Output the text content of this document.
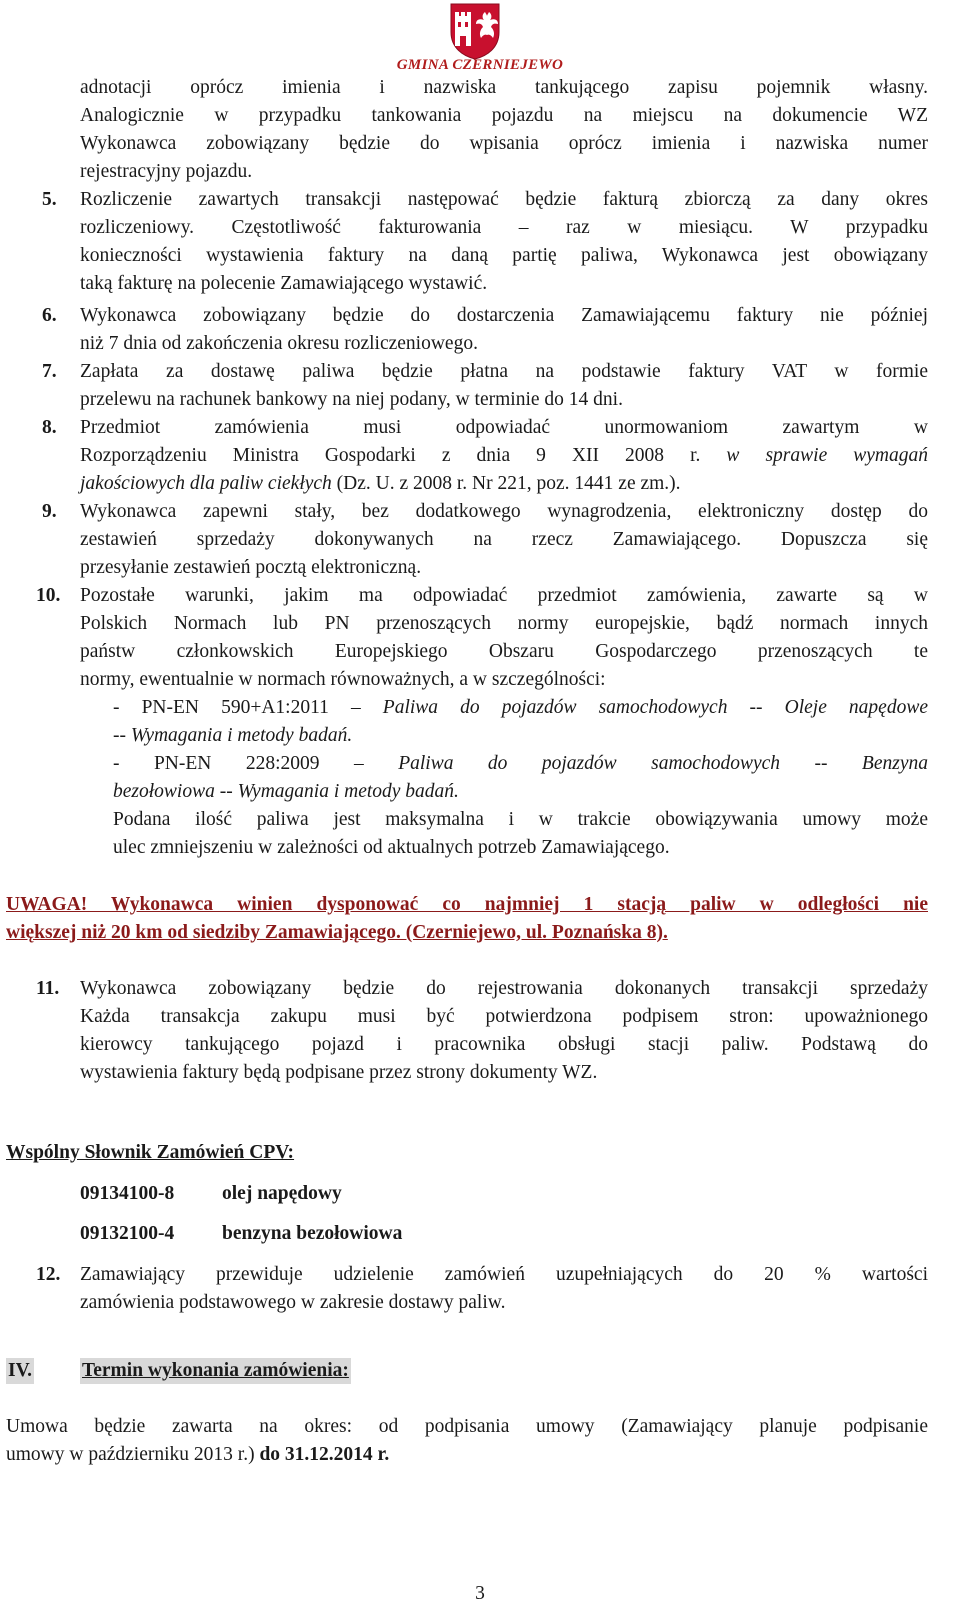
GMINA CZERNIEJEWO
adnotacji oprócz imienia i nazwiska tankującego zapisu pojemnik własny.
Analogicznie w przypadku tankowania pojazdu na miejscu na dokumencie WZ
Wykonawca zobowiązany będzie do wpisania oprócz imienia i nazwiska numer
rejestracyjny pojazdu.
5. Rozliczenie zawartych transakcji następować będzie fakturą zbiorczą za dany okres
rozliczeniowy. Częstotliwość fakturowania – raz w miesiącu. W przypadku
konieczności wystawienia faktury na daną partię paliwa, Wykonawca jest obowiązany
taką fakturę na polecenie Zamawiającego wystawić.
6. Wykonawca zobowiązany będzie do dostarczenia Zamawiającemu faktury nie później
niż 7 dnia od zakończenia okresu rozliczeniowego.
7. Zapłata za dostawę paliwa będzie płatna na podstawie faktury VAT w formie
przelewu na rachunek bankowy na niej podany, w terminie do 14 dni.
8. Przedmiot zamówienia musi odpowiadać unormowaniom zawartym w
Rozporządzeniu Ministra Gospodarki z dnia 9 XII 2008 r. w sprawie wymagań
jakościowych dla paliw ciekłych (Dz. U. z 2008 r. Nr 221, poz. 1441 ze zm.).
9. Wykonawca zapewni stały, bez dodatkowego wynagrodzenia, elektroniczny dostęp do
zestawień sprzedaży dokonywanych na rzecz Zamawiającego. Dopuszcza się
przesyłanie zestawień pocztą elektroniczną.
10. Pozostałe warunki, jakim ma odpowiadać przedmiot zamówienia, zawarte są w
Polskich Normach lub PN przenoszących normy europejskie, bądź normach innych
państw członkowskich Europejskiego Obszaru Gospodarczego przenoszących te
normy, ewentualnie w normach równoważnych, a w szczególności:
- PN-EN 590+A1:2011 – Paliwa do pojazdów samochodowych -- Oleje napędowe
-- Wymagania i metody badań.
- PN-EN 228:2009 – Paliwa do pojazdów samochodowych -- Benzyna
bezołowiowa -- Wymagania i metody badań.
Podana ilość paliwa jest maksymalna i w trakcie obowiązywania umowy może
ulec zmniejszeniu w zależności od aktualnych potrzeb Zamawiającego.
UWAGA! Wykonawca winien dysponować co najmniej 1 stacją paliw w odległości nie
większej niż 20 km od siedziby Zamawiającego. (Czerniejewo, ul. Poznańska 8).
11. Wykonawca zobowiązany będzie do rejestrowania dokonanych transakcji sprzedaży
Każda transakcja zakupu musi być potwierdzona podpisem stron: upoważnionego
kierowcy tankującego pojazd i pracownika obsługi stacji paliw. Podstawą do
wystawienia faktury będą podpisane przez strony dokumenty WZ.
Wspólny Słownik Zamówień CPV:
09134100-8 olej napędowy
09132100-4 benzyna bezołowiowa
12. Zamawiający przewiduje udzielenie zamówień uzupełniających do 20 % wartości
zamówienia podstawowego w zakresie dostawy paliw.
IV.	Termin wykonania zamówienia:
Umowa będzie zawarta na okres: od podpisania umowy (Zamawiający planuje podpisanie
umowy w październiku 2013 r.) do 31.12.2014 r.
3
